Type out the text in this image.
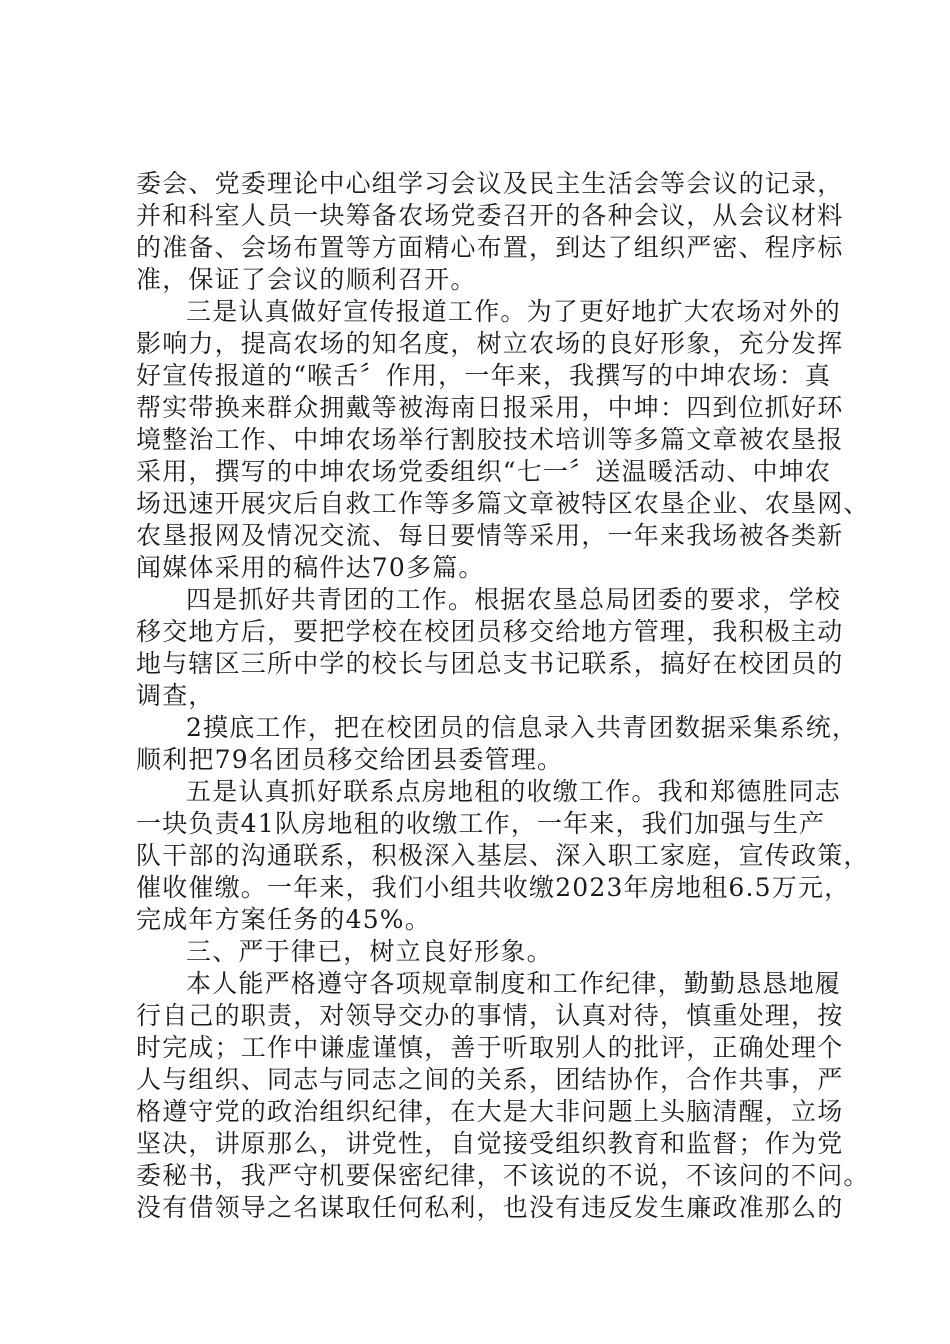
委会、党委理论中心组学习会议及民主生活会等会议的记录，
并和科室人员一块筹备农场党委召开的各种会议，从会议材料
的准备、会场布置等方面精心布置，到达了组织严密、程序标
准，保证了会议的顺利召开。
三是认真做好宣传报道工作。为了更好地扩大农场对外的
影响力，提高农场的知名度，树立农场的良好形象，充分发挥
好宣传报道的“喉舌〞作用，一年来，我撰写的中坤农场：真
帮实带换来群众拥戴等被海南日报采用，中坤：四到位抓好环
境整治工作、中坤农场举行割胶技术培训等多篇文章被农垦报
采用，撰写的中坤农场党委组织“七一〞送温暖活动、中坤农
场迅速开展灾后自救工作等多篇文章被特区农垦企业、农垦网、
农垦报网及情况交流、每日要情等采用，一年来我场被各类新
闻媒体采用的稿件达70多篇。
四是抓好共青团的工作。根据农垦总局团委的要求，学校
移交地方后，要把学校在校团员移交给地方管理，我积极主动
地与辖区三所中学的校长与团总支书记联系，搞好在校团员的
调查，
2摸底工作，把在校团员的信息录入共青团数据采集系统，
顺利把79名团员移交给团县委管理。
五是认真抓好联系点房地租的收缴工作。我和郑德胜同志
一块负责41队房地租的收缴工作，一年来，我们加强与生产
队干部的沟通联系，积极深入基层、深入职工家庭，宣传政策，
催收催缴。一年来，我们小组共收缴2023年房地租6.5万元，
完成年方案任务的45%。
三、严于律已，树立良好形象。
本人能严格遵守各项规章制度和工作纪律，勤勤恳恳地履
行自己的职责，对领导交办的事情，认真对待，慎重处理，按
时完成；工作中谦虚谨慎，善于听取别人的批评，正确处理个
人与组织、同志与同志之间的关系，团结协作，合作共事，严
格遵守党的政治组织纪律，在大是大非问题上头脑清醒，立场
坚决，讲原那么，讲党性，自觉接受组织教育和监督；作为党
委秘书，我严守机要保密纪律，不该说的不说，不该问的不问。
没有借领导之名谋取任何私利，也没有违反发生廉政准那么的
